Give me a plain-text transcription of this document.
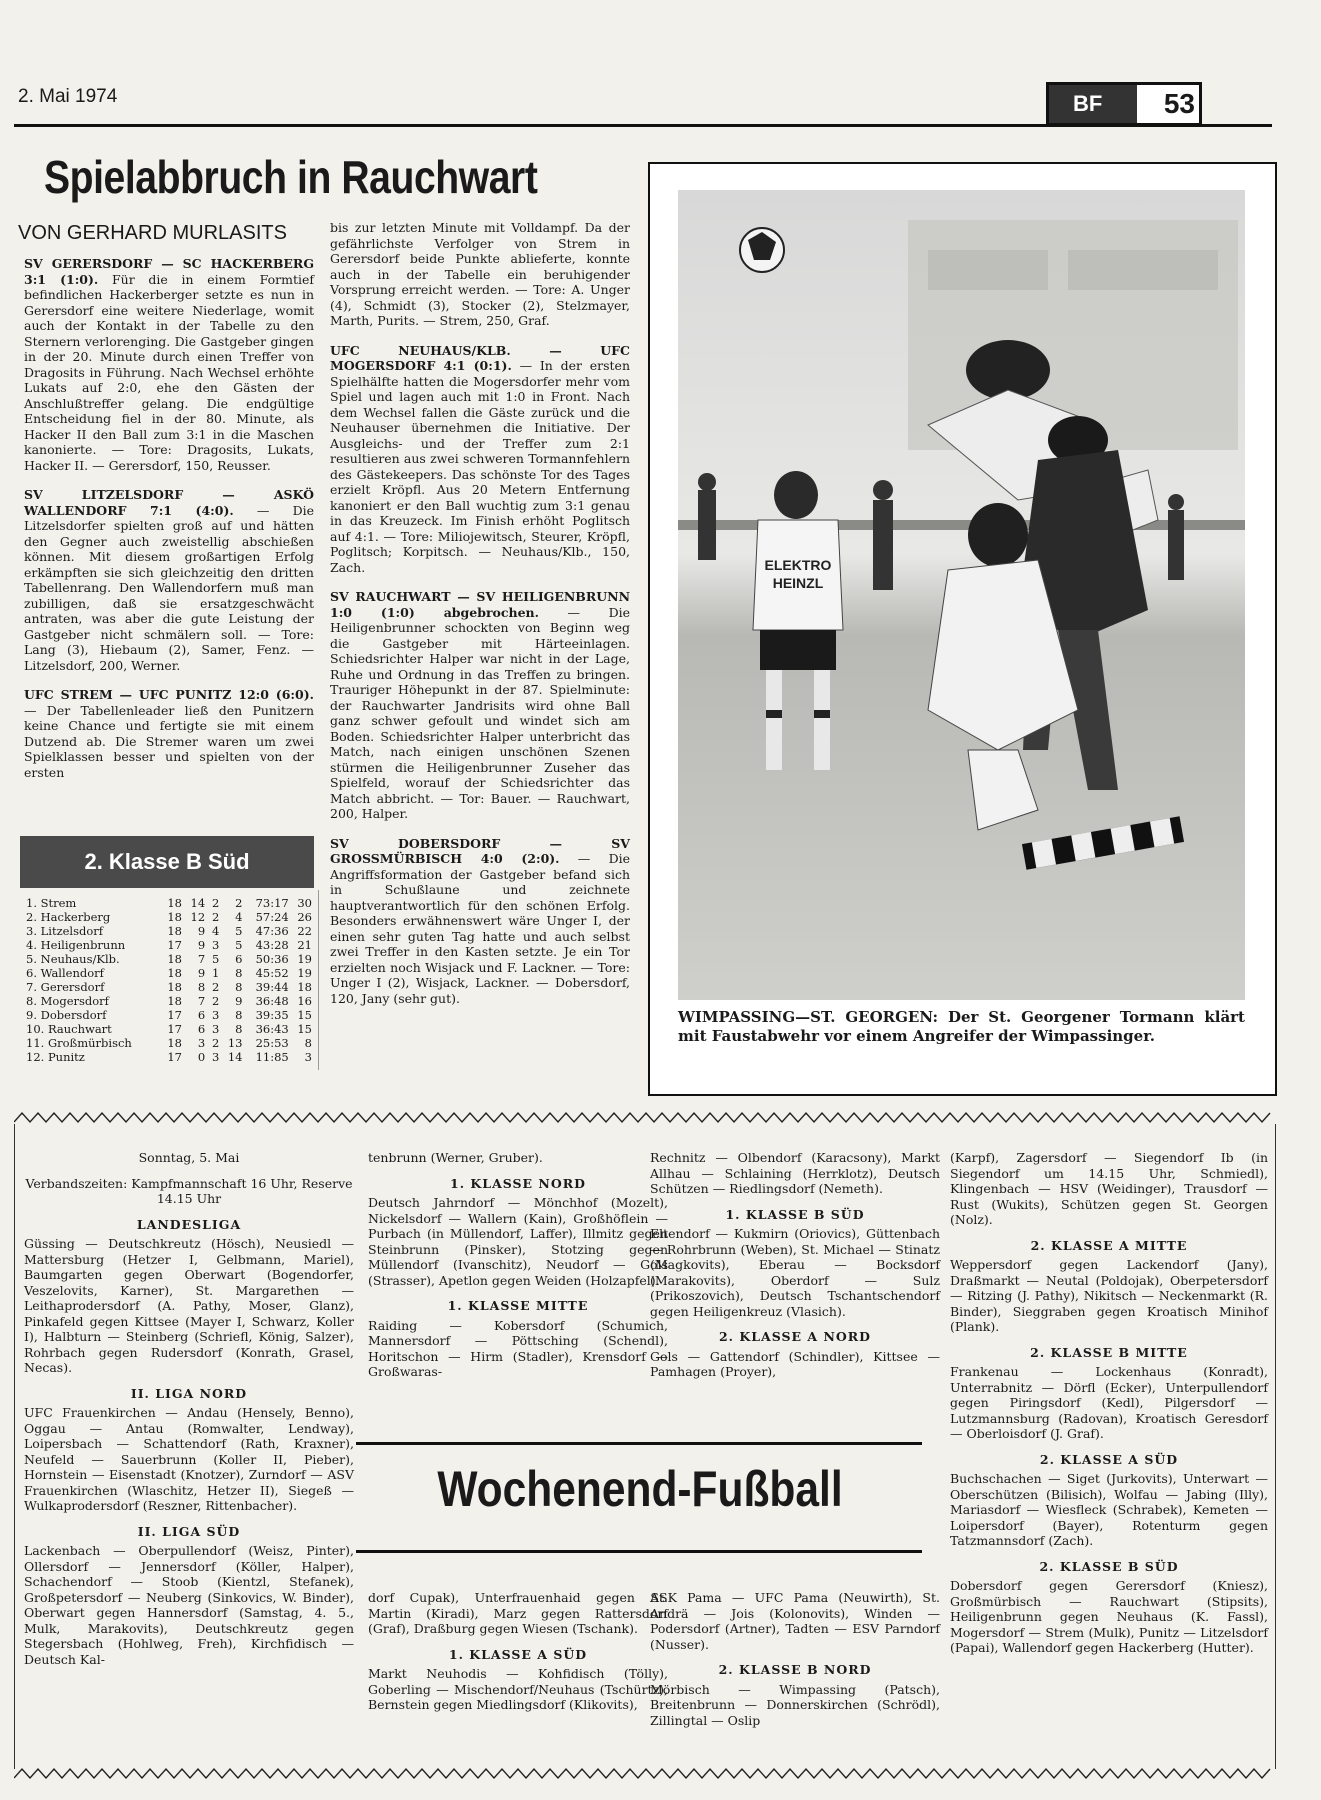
2. Mai 1974	BF	53
Spielabbruch in Rauchwart
VON GERHARD MURLASITS

SV GERERSDORF — SC HACKERBERG 3:1 (1:0). Für die in einem Formtief befindlichen Hackerberger setzte es nun in Gerersdorf eine weitere Niederlage, womit auch der Kontakt in der Tabelle zu den Sternern verlorenging. Die Gastgeber gingen in der 20. Minute durch einen Treffer von Dragosits in Führung. Nach Wechsel erhöhte Lukats auf 2:0, ehe den Gästen der Anschlußtreffer gelang. Die endgültige Entscheidung fiel in der 80. Minute, als Hacker II den Ball zum 3:1 in die Maschen kanonierte. — Tore: Dragosits, Lukats, Hacker II. — Gerersdorf, 150, Reusser.

SV LITZELSDORF — ASKÖ WALLENDORF 7:1 (4:0). — Die Litzelsdorfer spielten groß auf und hätten den Gegner auch zweistellig abschießen können. Mit diesem großartigen Erfolg erkämpften sie sich gleichzeitig den dritten Tabellenrang. Den Wallendorfern muß man zubilligen, daß sie ersatzgeschwächt antraten, was aber die gute Leistung der Gastgeber nicht schmälern soll. — Tore: Lang (3), Hiebaum (2), Samer, Fenz. — Litzelsdorf, 200, Werner.

UFC STREM — UFC PUNITZ 12:0 (6:0). — Der Tabellenleader ließ den Punitzern keine Chance und fertigte sie mit einem Dutzend ab. Die Stremer waren um zwei Spielklassen besser und spielten von der ersten

bis zur letzten Minute mit Volldampf. Da der gefährlichste Verfolger von Strem in Gerersdorf beide Punkte ablieferte, konnte auch in der Tabelle ein beruhigender Vorsprung erreicht werden. — Tore: A. Unger (4), Schmidt (3), Stocker (2), Stelzmayer, Marth, Purits. — Strem, 250, Graf.

UFC NEUHAUS/KLB. — UFC MOGERSDORF 4:1 (0:1). — In der ersten Spielhälfte hatten die Mogersdorfer mehr vom Spiel und lagen auch mit 1:0 in Front. Nach dem Wechsel fallen die Gäste zurück und die Neuhauser übernehmen die Initiative. Der Ausgleichs- und der Treffer zum 2:1 resultieren aus zwei schweren Tormannfehlern des Gästekeepers. Das schönste Tor des Tages erzielt Kröpfl. Aus 20 Metern Entfernung kanoniert er den Ball wuchtig zum 3:1 genau in das Kreuzeck. Im Finish erhöht Poglitsch auf 4:1. — Tore: Miliojewitsch, Steurer, Kröpfl, Poglitsch; Korpitsch. — Neuhaus/Klb., 150, Zach.

SV RAUCHWART — SV HEILIGENBRUNN 1:0 (1:0) abgebrochen. — Die Heiligenbrunner schockten von Beginn weg die Gastgeber mit Härteeinlagen. Schiedsrichter Halper war nicht in der Lage, Ruhe und Ordnung in das Treffen zu bringen. Trauriger Höhepunkt in der 87. Spielminute: der Rauchwarter Jandrisits wird ohne Ball ganz schwer gefoult und windet sich am Boden. Schiedsrichter Halper unterbricht das Match, nach einigen unschönen Szenen stürmen die Heiligenbrunner Zuseher das Spielfeld, worauf der Schiedsrichter das Match abbricht. — Tor: Bauer. — Rauchwart, 200, Halper.

SV DOBERSDORF — SV GROSSMÜRBISCH 4:0 (2:0). — Die Angriffsformation der Gastgeber befand sich in Schußlaune und zeichnete hauptverantwortlich für den schönen Erfolg. Besonders erwähnenswert wäre Unger I, der einen sehr guten Tag hatte und auch selbst zwei Treffer in den Kasten setzte. Je ein Tor erzielten noch Wisjack und F. Lackner. — Tore: Unger I (2), Wisjack, Lackner. — Dobersdorf, 120, Jany (sehr gut).

2. Klasse B Süd
1. Strem	18	14	2	2	73:17	30
2. Hackerberg	18	12	2	4	57:24	26
3. Litzelsdorf	18	9	4	5	47:36	22
4. Heiligenbrunn	17	9	3	5	43:28	21
5. Neuhaus/Klb.	18	7	5	6	50:36	19
6. Wallendorf	18	9	1	8	45:52	19
7. Gerersdorf	18	8	2	8	39:44	18
8. Mogersdorf	18	7	2	9	36:48	16
9. Dobersdorf	17	6	3	8	39:35	15
10. Rauchwart	17	6	3	8	36:43	15
11. Großmürbisch	18	3	2	13	25:53	8
12. Punitz	17	0	3	14	11:85	3
ELEKTRO
HEINZL
WIMPASSING—ST. GEORGEN: Der St. Georgener Tormann klärt mit Faustabwehr vor einem Angreifer der Wimpassinger.

Sonntag, 5. Mai

Verbandszeiten: Kampfmannschaft 16 Uhr, Reserve 14.15 Uhr

LANDESLIGA

Güssing — Deutschkreutz (Hösch), Neusiedl — Mattersburg (Hetzer I, Gelbmann, Mariel), Baumgarten gegen Oberwart (Bogendorfer, Veszelovits, Karner), St. Margarethen — Leithaprodersdorf (A. Pathy, Moser, Glanz), Pinkafeld gegen Kittsee (Mayer I, Schwarz, Koller I), Halbturn — Steinberg (Schriefl, König, Salzer), Rohrbach gegen Rudersdorf (Konrath, Grasel, Necas).

II. LIGA NORD

UFC Frauenkirchen — Andau (Hensely, Benno), Oggau — Antau (Romwalter, Lendway), Loipersbach — Schattendorf (Rath, Kraxner), Neufeld — Sauerbrunn (Koller II, Pieber), Hornstein — Eisenstadt (Knotzer), Zurndorf — ASV Frauenkirchen (Wlaschitz, Hetzer II), Siegeß — Wulkaprodersdorf (Reszner, Rittenbacher).

II. LIGA SÜD

Lackenbach — Oberpullendorf (Weisz, Pinter), Ollersdorf — Jennersdorf (Köller, Halper), Schachendorf — Stoob (Kientzl, Stefanek), Großpetersdorf — Neuberg (Sinkovics, W. Binder), Oberwart gegen Hannersdorf (Samstag, 4. 5., Mulk, Marakovits), Deutschkreutz gegen Stegersbach (Hohlweg, Freh), Kirchfidisch — Deutsch Kal-

tenbrunn (Werner, Gruber).

1. KLASSE NORD

Deutsch Jahrndorf — Mönchhof (Mozelt), Nickelsdorf — Wallern (Kain), Großhöflein — Purbach (in Müllendorf, Laffer), Illmitz gegen Steinbrunn (Pinsker), Stotzing gegen Müllendorf (Ivanschitz), Neudorf — Gols (Strasser), Apetlon gegen Weiden (Holzapfel).

1. KLASSE MITTE

Raiding — Kobersdorf (Schumich, Mannersdorf — Pöttsching (Schendl), Horitschon — Hirm (Stadler), Krensdorf — Großwaras-

Wochenend-Fußball

dorf Cupak), Unterfrauenhaid gegen St. Martin (Kiradi), Marz gegen Rattersdorf (Graf), Draßburg gegen Wiesen (Tschank).

1. KLASSE A SÜD

Markt Neuhodis — Kohfidisch (Tölly), Goberling — Mischendorf/Neuhaus (Tschürtz), Bernstein gegen Miedlingsdorf (Klikovits),

Rechnitz — Olbendorf (Karacsony), Markt Allhau — Schlaining (Herrklotz), Deutsch Schützen — Riedlingsdorf (Nemeth).

1. KLASSE B SÜD

Eltendorf — Kukmirn (Oriovics), Güttenbach — Rohrbrunn (Weben), St. Michael — Stinatz (Magkovits), Eberau — Bocksdorf (Marakovits), Oberdorf — Sulz (Prikoszovich), Deutsch Tschantschendorf gegen Heiligenkreuz (Vlasich).

2. KLASSE A NORD

Gols — Gattendorf (Schindler), Kittsee — Pamhagen (Proyer),

ASK Pama — UFC Pama (Neuwirth), St. Andrä — Jois (Kolonovits), Winden — Podersdorf (Artner), Tadten — ESV Parndorf (Nusser).

2. KLASSE B NORD

Mörbisch — Wimpassing (Patsch), Breitenbrunn — Donnerskirchen (Schrödl), Zillingtal — Oslip

(Karpf), Zagersdorf — Siegendorf Ib (in Siegendorf um 14.15 Uhr, Schmiedl), Klingenbach — HSV (Weidinger), Trausdorf — Rust (Wukits), Schützen gegen St. Georgen (Nolz).

2. KLASSE A MITTE

Weppersdorf gegen Lackendorf (Jany), Draßmarkt — Neutal (Poldojak), Oberpetersdorf — Ritzing (J. Pathy), Nikitsch — Neckenmarkt (R. Binder), Sieggraben gegen Kroatisch Minihof (Plank).

2. KLASSE B MITTE

Frankenau — Lockenhaus (Konradt), Unterrabnitz — Dörfl (Ecker), Unterpullendorf gegen Piringsdorf (Kedl), Pilgersdorf — Lutzmannsburg (Radovan), Kroatisch Geresdorf — Oberloisdorf (J. Graf).

2. KLASSE A SÜD

Buchschachen — Siget (Jurkovits), Unterwart — Oberschützen (Bilisich), Wolfau — Jabing (Illy), Mariasdorf — Wiesfleck (Schrabek), Kemeten — Loipersdorf (Bayer), Rotenturm gegen Tatzmannsdorf (Zach).

2. KLASSE B SÜD

Dobersdorf gegen Gerersdorf (Kniesz), Großmürbisch — Rauchwart (Stipsits), Heiligenbrunn gegen Neuhaus (K. Fassl), Mogersdorf — Strem (Mulk), Punitz — Litzelsdorf (Papai), Wallendorf gegen Hackerberg (Hutter).
